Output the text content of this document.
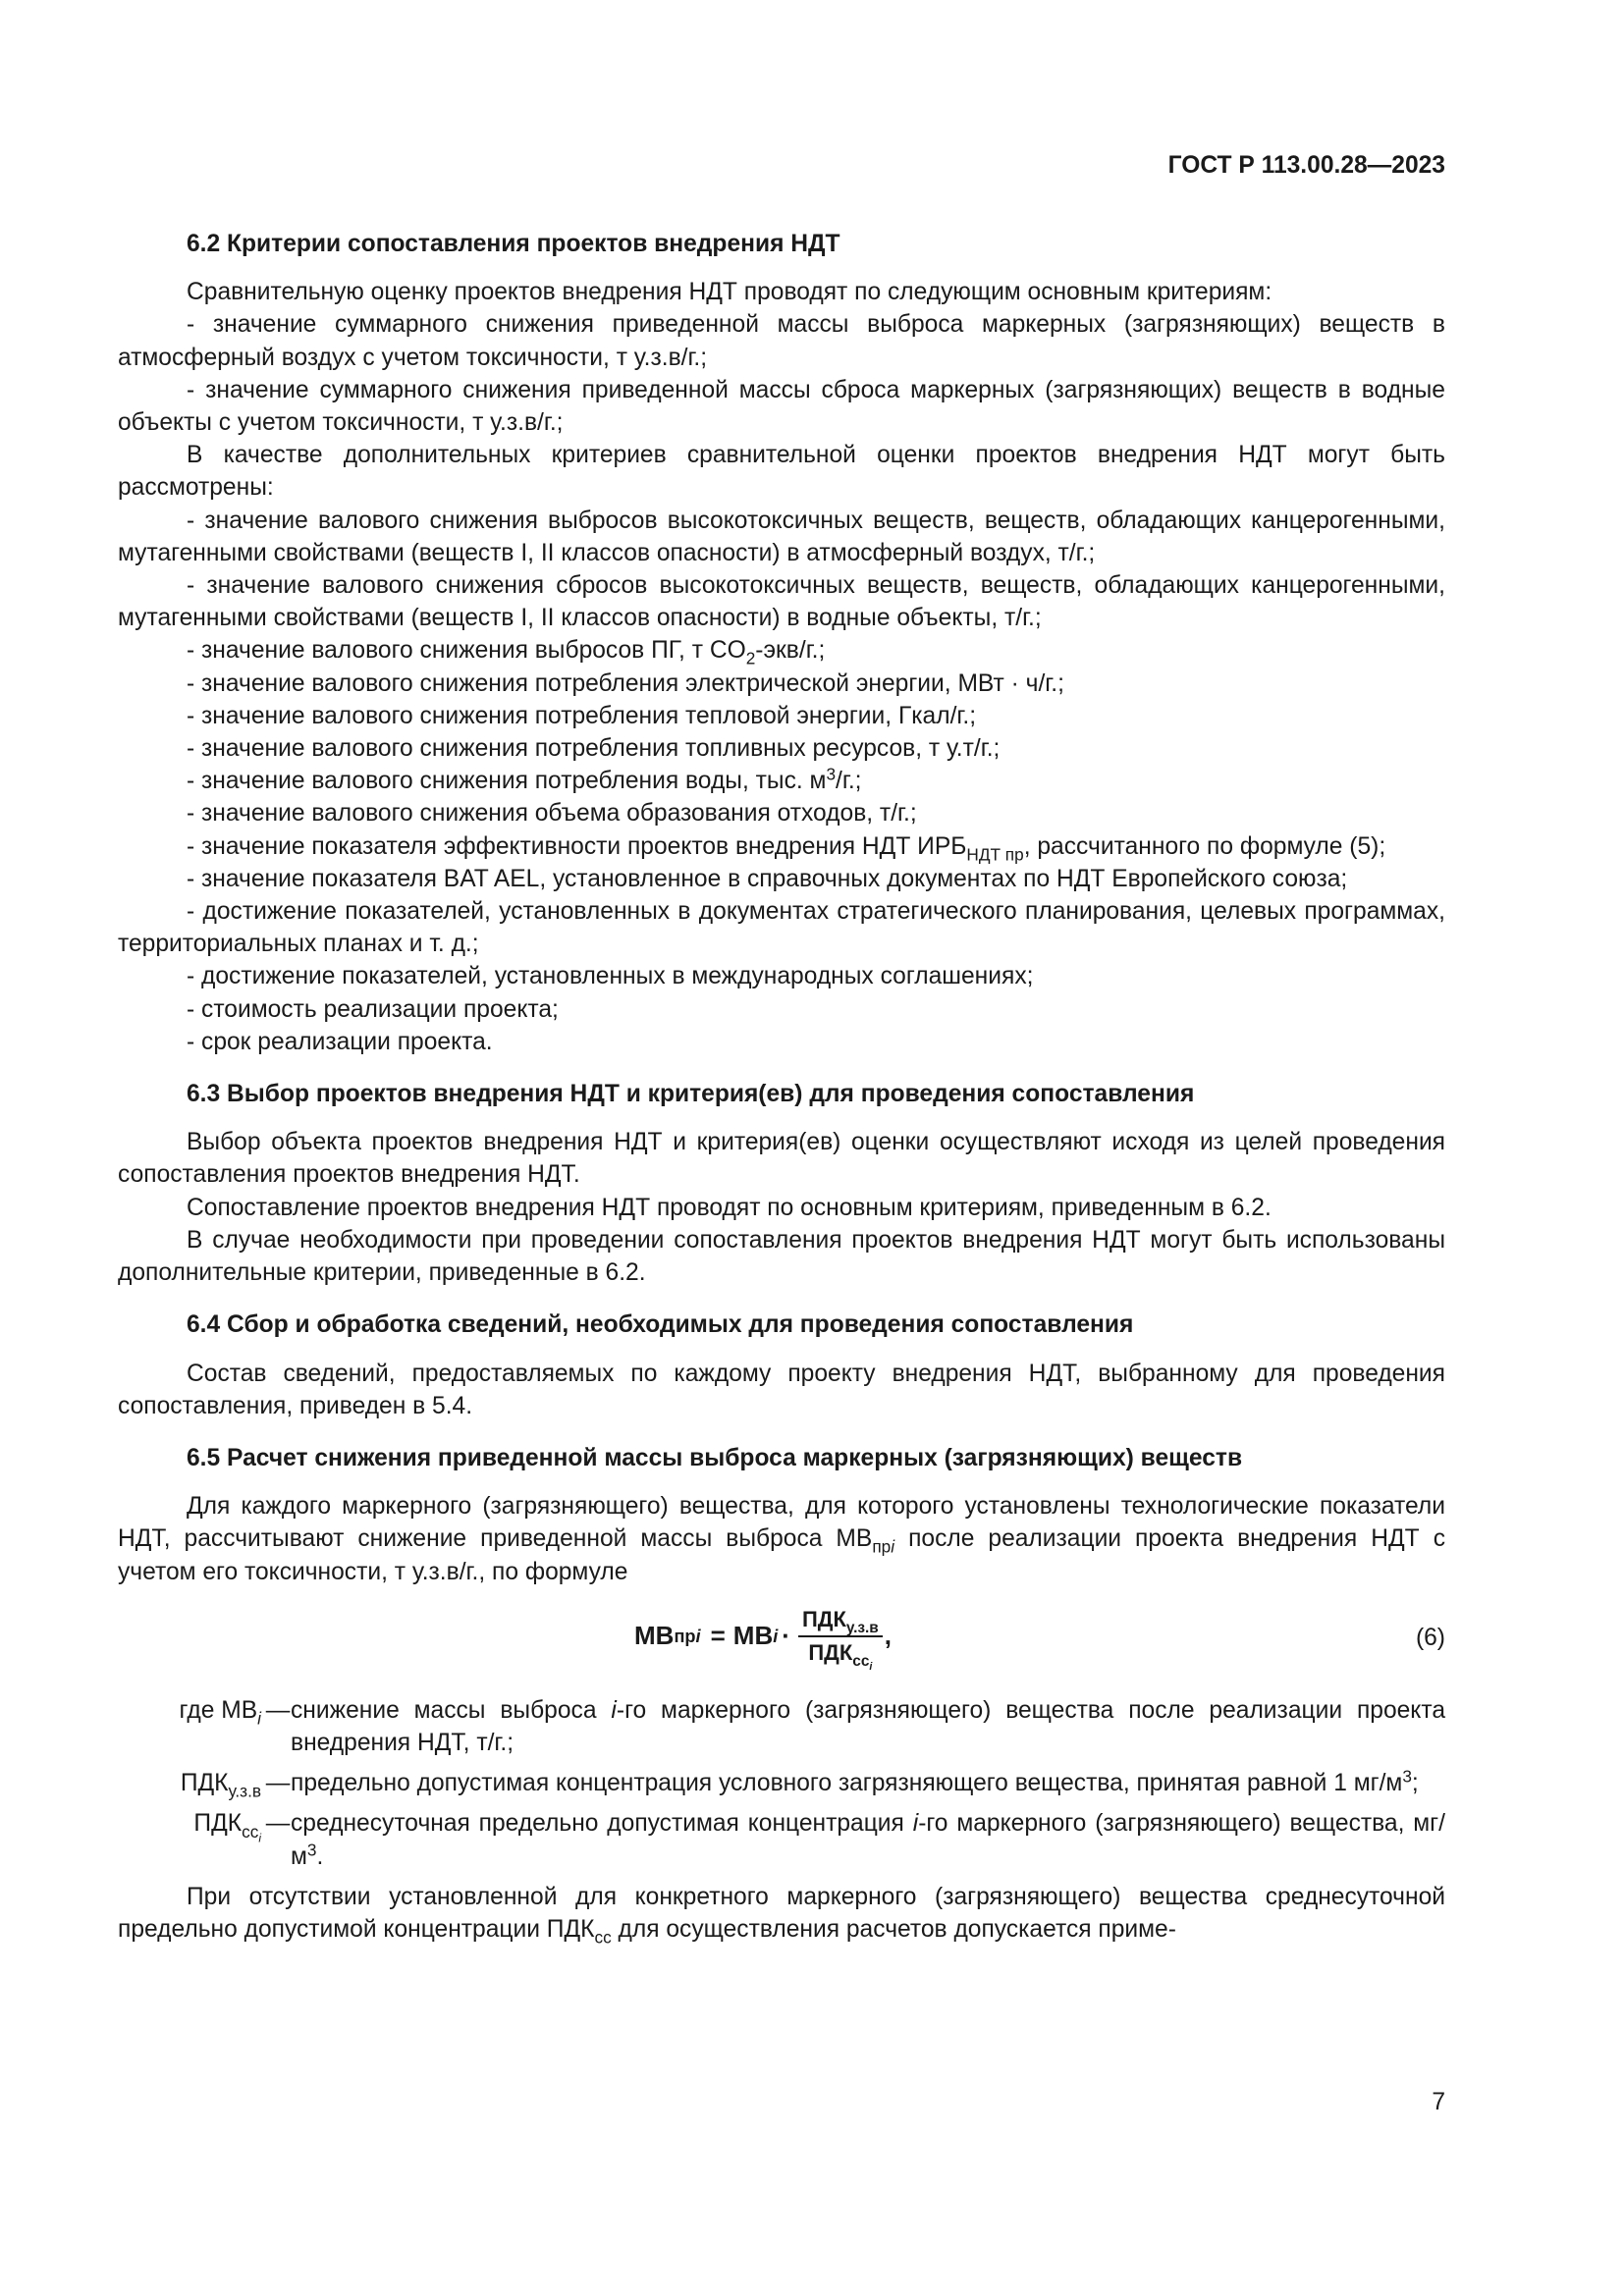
ГОСТ Р 113.00.28—2023
6.2 Критерии сопоставления проектов внедрения НДТ

Сравнительную оценку проектов внедрения НДТ проводят по следующим основным критериям:

- значение суммарного снижения приведенной массы выброса маркерных (загрязняющих) веществ в атмосферный воздух с учетом токсичности, т у.з.в/г.;

- значение суммарного снижения приведенной массы сброса маркерных (загрязняющих) веществ в водные объекты с учетом токсичности, т у.з.в/г.;

В качестве дополнительных критериев сравнительной оценки проектов внедрения НДТ могут быть рассмотрены:

- значение валового снижения выбросов высокотоксичных веществ, веществ, обладающих канцерогенными, мутагенными свойствами (веществ I, II классов опасности) в атмосферный воздух, т/г.;

- значение валового снижения сбросов высокотоксичных веществ, веществ, обладающих канцерогенными, мутагенными свойствами (веществ I, II классов опасности) в водные объекты, т/г.;

- значение валового снижения выбросов ПГ, т $CO_2-экв/г$.;

- значение валового снижения потребления электрической энергии, МВт · ч/г.;

- значение валового снижения потребления тепловой энергии, Гкал/г.;

- значение валового снижения потребления топливных ресурсов, т у.т/г.;

- значение валового снижения потребления воды, тыс. $м^3/г$.;

- значение валового снижения объема образования отходов, т/г.;

- значение показателя эффективности проектов внедрения НДТ $ИРБ_{НДТ пр}$, рассчитанного по формуле (5);

- значение показателя BAT AEL, установленное в справочных документах по НДТ Европейского союза;

- достижение показателей, установленных в документах стратегического планирования, целевых программах, территориальных планах и т. д.;

- достижение показателей, установленных в международных соглашениях;

- стоимость реализации проекта;

- срок реализации проекта.

6.3 Выбор проектов внедрения НДТ и критерия(ев) для проведения сопоставления

Выбор объекта проектов внедрения НДТ и критерия(ев) оценки осуществляют исходя из целей проведения сопоставления проектов внедрения НДТ.

Сопоставление проектов внедрения НДТ проводят по основным критериям, приведенным в 6.2.

В случае необходимости при проведении сопоставления проектов внедрения НДТ могут быть использованы дополнительные критерии, приведенные в 6.2.

6.4 Сбор и обработка сведений, необходимых для проведения сопоставления

Состав сведений, предоставляемых по каждому проекту внедрения НДТ, выбранному для проведения сопоставления, приведен в 5.4.

6.5 Расчет снижения приведенной массы выброса маркерных (загрязняющих) веществ

Для каждого маркерного (загрязняющего) вещества, для которого установлены технологические показатели НДТ, рассчитывают снижение приведенной массы выброса $МВ_{прi}$ после реализации проекта внедрения НДТ с учетом его токсичности, т у.з.в/г., по формуле

МВ прi = МВ $i \cdot \frac{ПДК_{у.з.в}}{ПДК_{сс_i}}$ ,	(6)
где $МВ_i$ — снижение массы выброса i-го маркерного (загрязняющего) вещества после реализации проекта внедрения НДТ, т/г.;
$ПДК_{у.з.в}$ — предельно допустимая концентрация условного загрязняющего вещества, принятая равной 1 $мг/м^3$;
$ПДК_{сс_i}$
— среднесуточная предельно допустимая концентрация i-го маркерного (загрязняющего) вещества, $мг/м^3$.

При отсутствии установленной для конкретного маркерного (загрязняющего) вещества среднесуточной предельно допустимой концентрации $ПДК_{сс}$ для осуществления расчетов допускается приме-

7
